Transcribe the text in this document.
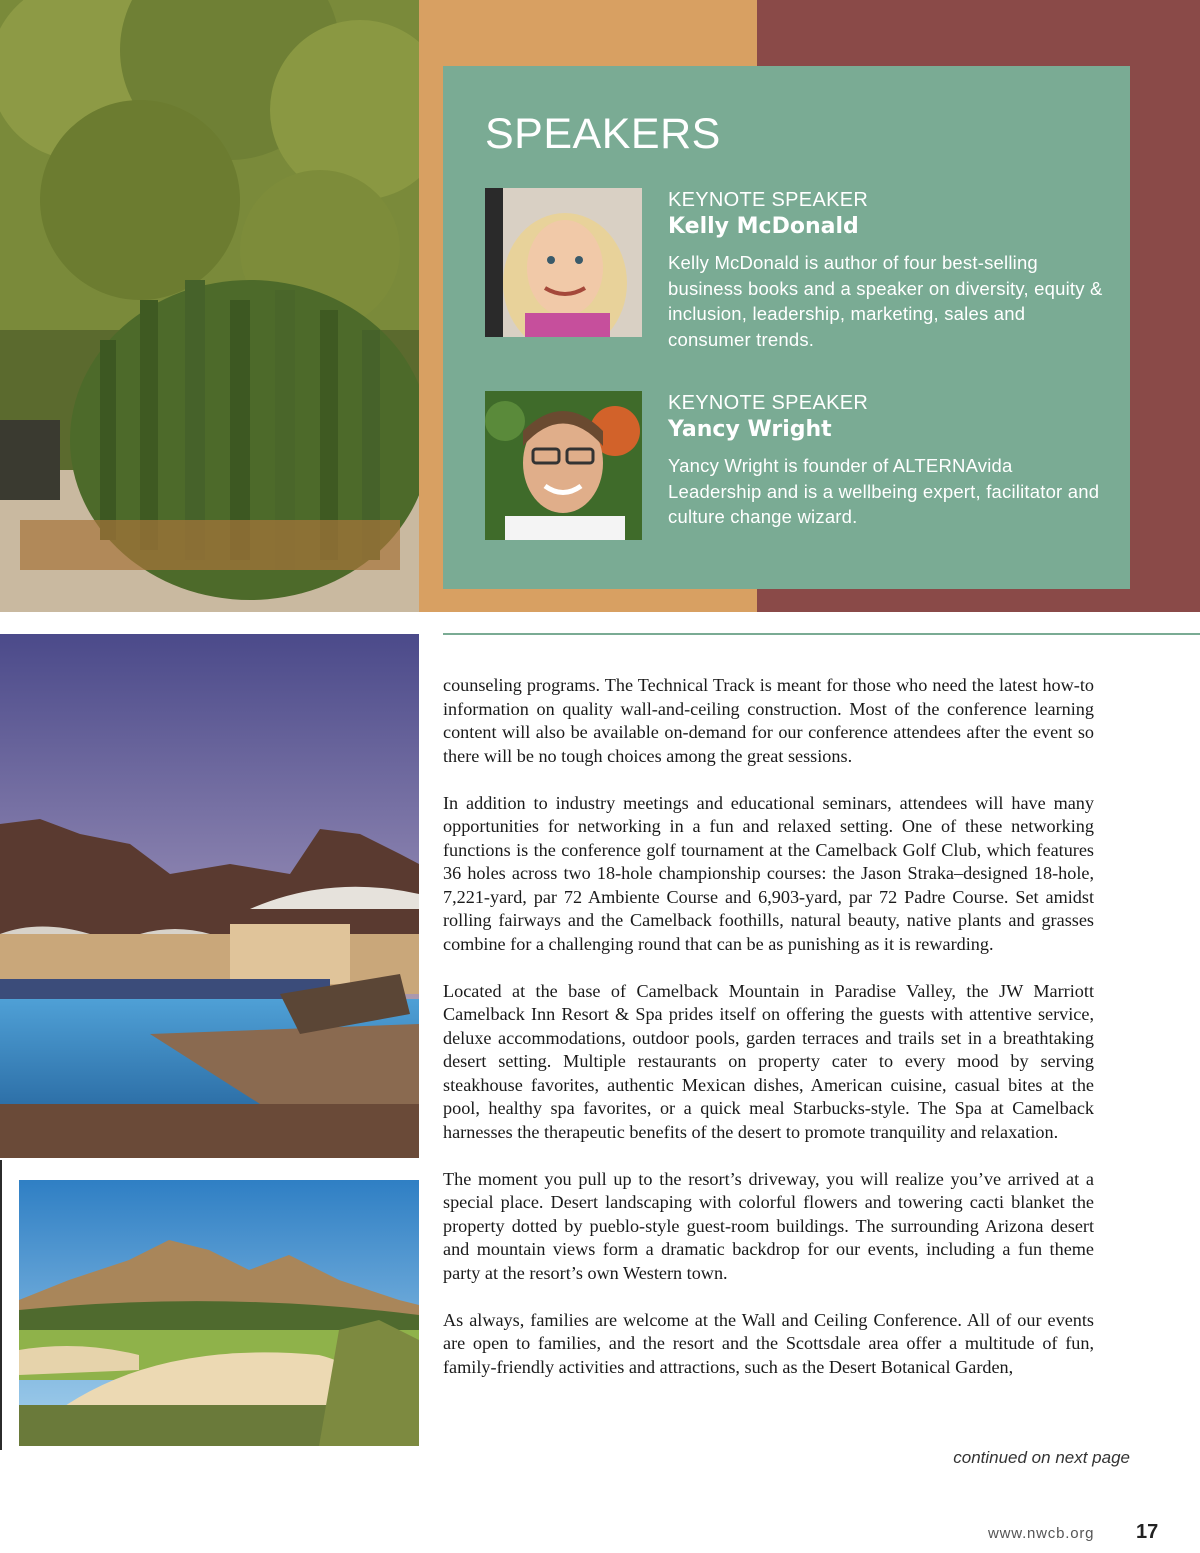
SPEAKERS
KEYNOTE SPEAKER
Kelly McDonald
Kelly McDonald is author of four best-selling business books and a speaker on diversity, equity & inclusion, leadership, marketing, sales and consumer trends.
KEYNOTE SPEAKER
Yancy Wright
Yancy Wright is founder of ALTERNAvida Leadership and is a wellbeing expert, facilitator and culture change wizard.

counseling programs. The Technical Track is meant for those who need the latest how-to information on quality wall-and-ceiling construction. Most of the conference learning content will also be available on-demand for our conference attendees after the event so there will be no tough choices among the great sessions.

In addition to industry meetings and educational seminars, attendees will have many opportunities for networking in a fun and relaxed setting. One of these networking functions is the conference golf tournament at the Camelback Golf Club, which features 36 holes across two 18-hole championship courses: the Jason Straka–designed 18-hole, 7,221-yard, par 72 Ambiente Course and 6,903-yard, par 72 Padre Course. Set amidst rolling fairways and the Camelback foothills, natural beauty, native plants and grasses combine for a challenging round that can be as punishing as it is rewarding.

Located at the base of Camelback Mountain in Paradise Valley, the JW Marriott Camelback Inn Resort & Spa prides itself on offering the guests with attentive service, deluxe accommodations, outdoor pools, garden terraces and trails set in a breathtaking desert setting. Multiple restaurants on property cater to every mood by serving steakhouse favorites, authentic Mexican dishes, American cuisine, casual bites at the pool, healthy spa favorites, or a quick meal Starbucks-style. The Spa at Camelback harnesses the therapeutic benefits of the desert to promote tranquility and relaxation.

The moment you pull up to the resort’s driveway, you will realize you’ve arrived at a special place. Desert landscaping with colorful flowers and towering cacti blanket the property dotted by pueblo-style guest-room buildings. The surrounding Arizona desert and mountain views form a dramatic backdrop for our events, including a fun theme party at the resort’s own Western town.

As always, families are welcome at the Wall and Ceiling Conference. All of our events are open to families, and the resort and the Scottsdale area offer a multitude of fun, family-friendly activities and attractions, such as the Desert Botanical Garden,

continued on next page
www.nwcb.org 17
